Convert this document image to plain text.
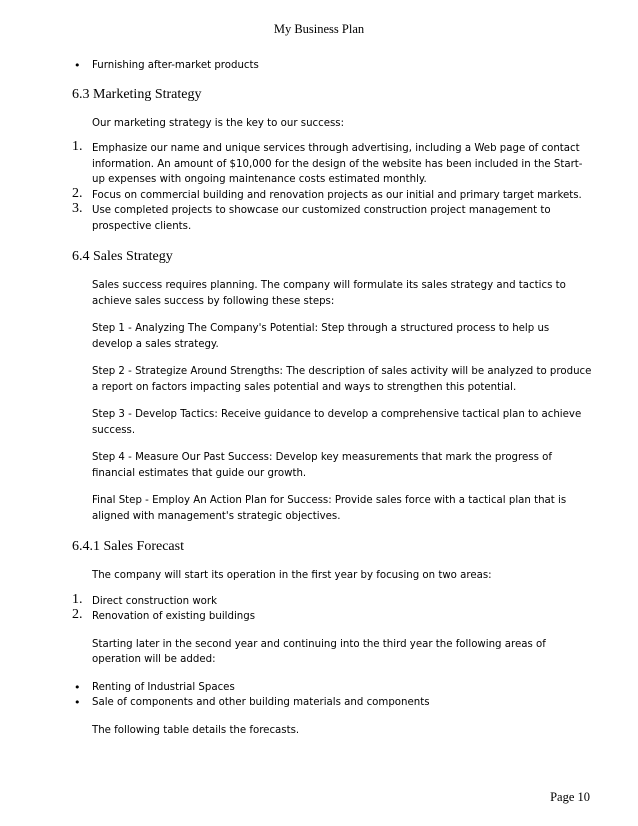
My Business Plan
• Furnishing after-market products
6.3 Marketing Strategy

Our marketing strategy is the key to our success:

1. Emphasize our name and unique services through advertising, including a Web page of contact information. An amount of $10,000 for the design of the website has been included in the Start-up expenses with ongoing maintenance costs estimated monthly.
2. Focus on commercial building and renovation projects as our initial and primary target markets.
3. Use completed projects to showcase our customized construction project management to prospective clients.
6.4 Sales Strategy

Sales success requires planning. The company will formulate its sales strategy and tactics to achieve sales success by following these steps:

Step 1 - Analyzing The Company's Potential: Step through a structured process to help us develop a sales strategy.

Step 2 - Strategize Around Strengths: The description of sales activity will be analyzed to produce a report on factors impacting sales potential and ways to strengthen this potential.

Step 3 - Develop Tactics: Receive guidance to develop a comprehensive tactical plan to achieve success.

Step 4 - Measure Our Past Success: Develop key measurements that mark the progress of financial estimates that guide our growth.

Final Step - Employ An Action Plan for Success: Provide sales force with a tactical plan that is aligned with management's strategic objectives.

6.4.1 Sales Forecast

The company will start its operation in the first year by focusing on two areas:

1. Direct construction work
2. Renovation of existing buildings

Starting later in the second year and continuing into the third year the following areas of operation will be added:

• Renting of Industrial Spaces
• Sale of components and other building materials and components

The following table details the forecasts.

Page 10
